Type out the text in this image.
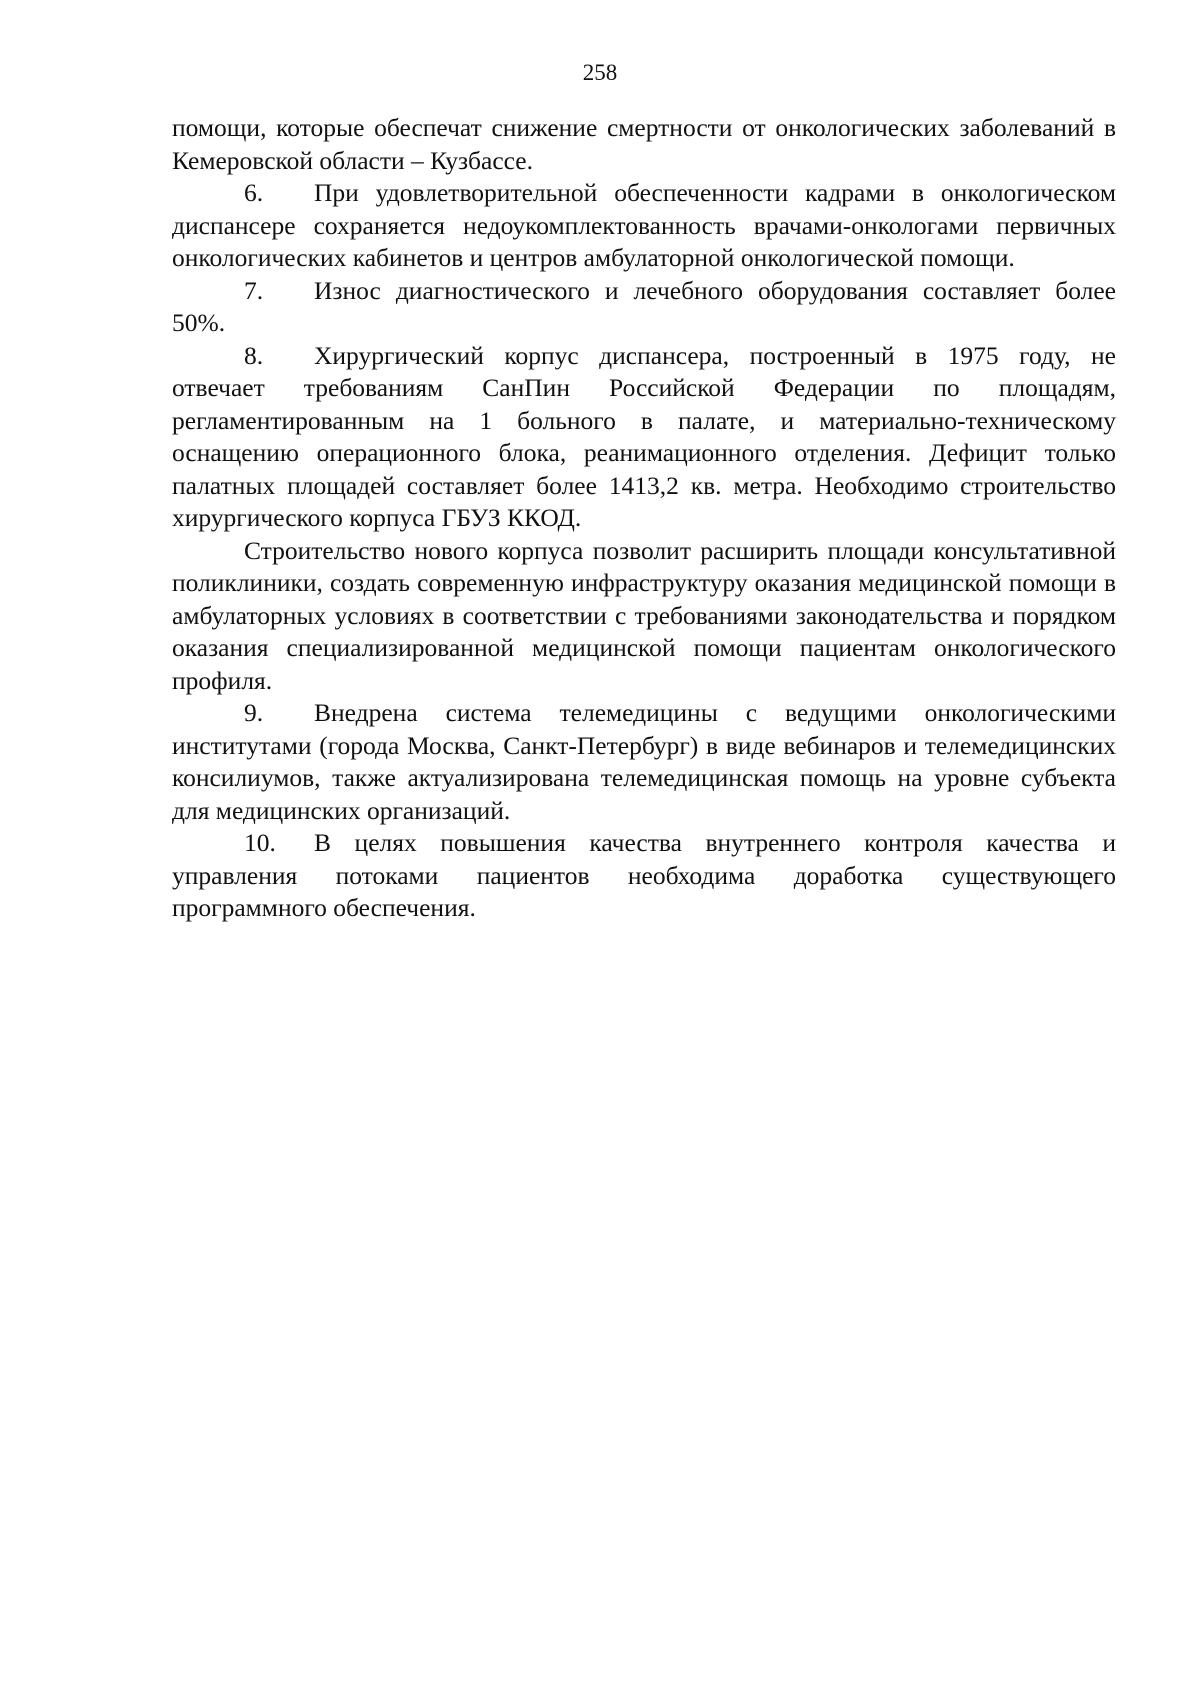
258

помощи, которые обеспечат снижение смертности от онкологических заболеваний в Кемеровской области – Кузбассе.

6. При удовлетворительной обеспеченности кадрами в онкологическом диспансере сохраняется недоукомплектованность врачами-онкологами первичных онкологических кабинетов и центров амбулаторной онкологической помощи.

7. Износ диагностического и лечебного оборудования составляет более 50%.

8. Хирургический корпус диспансера, построенный в 1975 году, не отвечает требованиям СанПин Российской Федерации по площадям, регламентированным на 1 больного в палате, и материально-техническому оснащению операционного блока, реанимационного отделения. Дефицит только палатных площадей составляет более 1413,2 кв. метра. Необходимо строительство хирургического корпуса ГБУЗ ККОД.

Строительство нового корпуса позволит расширить площади консультативной поликлиники, создать современную инфраструктуру оказания медицинской помощи в амбулаторных условиях в соответствии с требованиями законодательства и порядком оказания специализированной медицинской помощи пациентам онкологического профиля.

9. Внедрена система телемедицины с ведущими онкологическими институтами (города Москва, Санкт-Петербург) в виде вебинаров и телемедицинских консилиумов, также актуализирована телемедицинская помощь на уровне субъекта для медицинских организаций.

10. В целях повышения качества внутреннего контроля качества и управления потоками пациентов необходима доработка существующего программного обеспечения.
